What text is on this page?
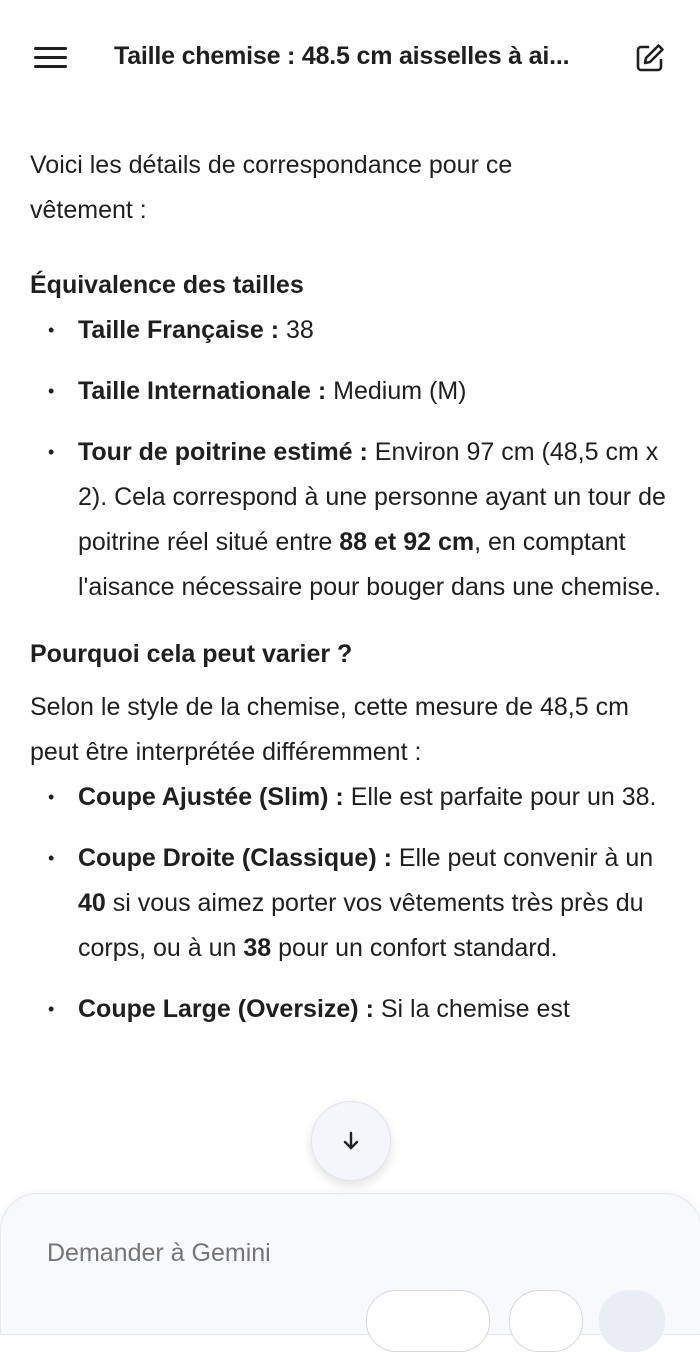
Taille chemise : 48.5 cm aisselles à ai...

Voici les détails de correspondance pour ce
vêtement :

Équivalence des tailles

• Taille Française : 38
• Taille Internationale : Medium (M)
• Tour de poitrine estimé : Environ 97 cm (48,5 cm x 2). Cela correspond à une personne ayant un tour de poitrine réel situé entre 88 et 92 cm, en comptant l'aisance nécessaire pour bouger dans une chemise.

Pourquoi cela peut varier ?

Selon le style de la chemise, cette mesure de 48,5 cm peut être interprétée différemment :

• Coupe Ajustée (Slim) : Elle est parfaite pour un 38.
• Coupe Droite (Classique) : Elle peut convenir à un 40 si vous aimez porter vos vêtements très près du corps, ou à un 38 pour un confort standard.
• Coupe Large (Oversize) : Si la chemise est
Demander à Gemini
